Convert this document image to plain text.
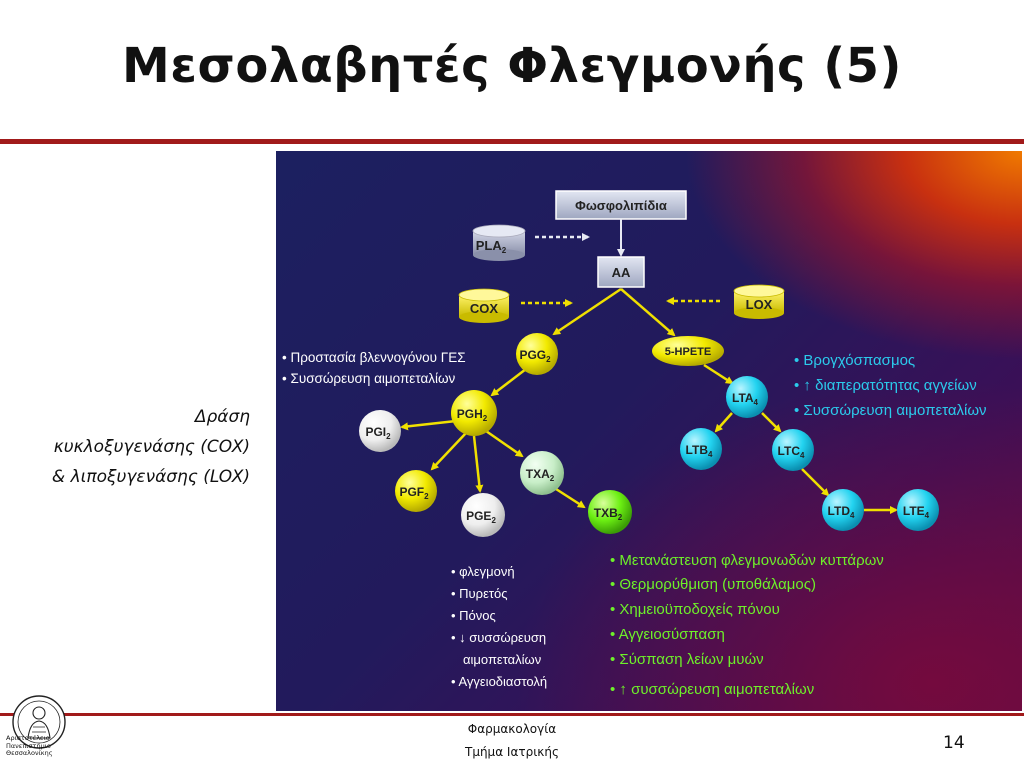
Μεσολαβητές Φλεγμονής (5)
Δράση
κυκλοξυγενάσης (COX)
& λιποξυγενάσης (LOX)
Φωσφολιπίδια
AA
$PLA_2$
COX	LOX
$PGG_2$
$PGH_2$
$PGI_2$
$PGF_2$
$PGE_2$
$TXA_2$
$TXB_2$
5-HPETE
$LTA_4$
$LTB_4$	$LTC_4$
$LTD_4$	$LTE_4$
• Προστασία βλεννογόνου ΓΕΣ
• Συσσώρευση αιμοπεταλίων
• Βρογχόσπασμος
• ↑ διαπερατότητας αγγείων
• Συσσώρευση αιμοπεταλίων
• φλεγμονή
• Πυρετός
• Πόνος
• ↓ συσσώρευση
αιμοπεταλίων
• Αγγειοδιαστολή
• Μετανάστευση φλεγμονωδών κυττάρων
• Θερμορύθμιση (υποθάλαμος)
• Χημειοϋποδοχείς πόνου
• Αγγειοσύσπαση
• Σύσπαση λείων μυών
• ↑ συσσώρευση αιμοπεταλίων
Αριστοτέλειο
Πανεπιστήμιο
Θεσσαλονίκης
Φαρμακολογία
Τμήμα Ιατρικής	14
